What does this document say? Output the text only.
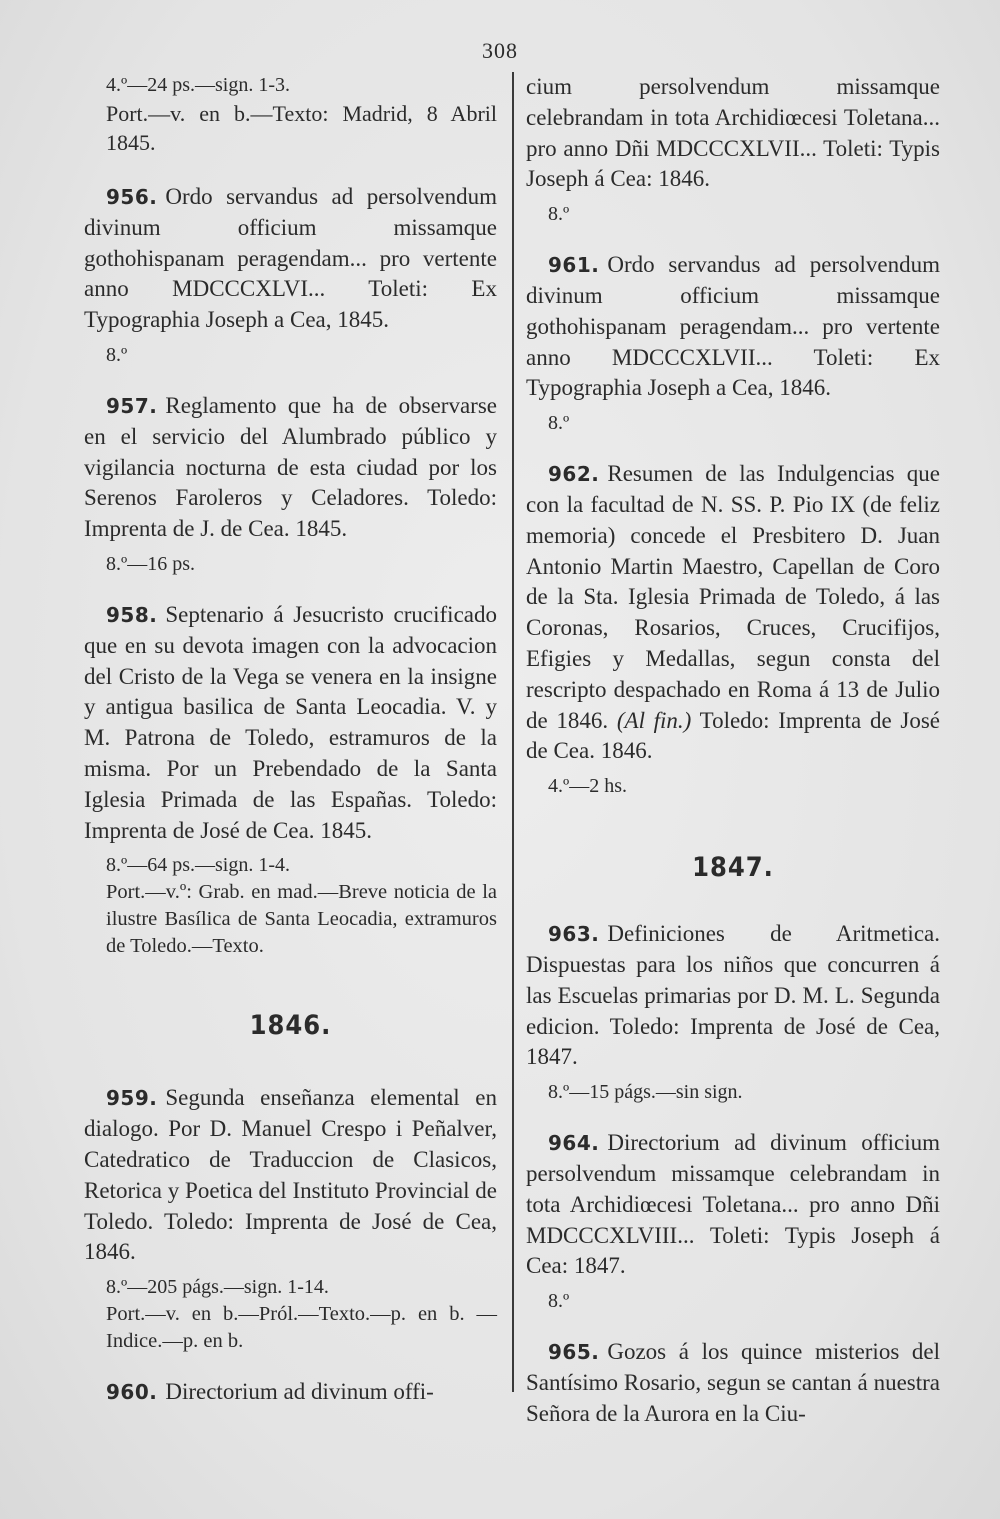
308

4.º—24 ps.—sign. 1-3.

Port.—v. en b.—Texto: Madrid, 8 Abril 1845.

956. Ordo servandus ad persolvendum divinum officium missamque gothohispanam peragendam... pro vertente anno MDCCCXLVI... Toleti: Ex Typographia Joseph a Cea, 1845.

8.º

957. Reglamento que ha de observarse en el servicio del Alumbrado público y vigilancia nocturna de esta ciudad por los Serenos Faroleros y Celadores. Toledo: Imprenta de J. de Cea. 1845.

8.º—16 ps.

958. Septenario á Jesucristo crucificado que en su devota imagen con la advocacion del Cristo de la Vega se venera en la insigne y antigua basilica de Santa Leocadia. V. y M. Patrona de Toledo, estramuros de la misma. Por un Prebendado de la Santa Iglesia Primada de las Españas. Toledo: Imprenta de José de Cea. 1845.

8.º—64 ps.—sign. 1-4.

Port.—v.º: Grab. en mad.—Breve noticia de la ilustre Basílica de Santa Leocadia, extramuros de Toledo.—Texto.

1846.

959. Segunda enseñanza elemental en dialogo. Por D. Manuel Crespo i Peñalver, Catedratico de Traduccion de Clasicos, Retorica y Poetica del Instituto Provincial de Toledo. Toledo: Imprenta de José de Cea, 1846.

8.º—205 págs.—sign. 1-14.

Port.—v. en b.—Pról.—Texto.—p. en b. —Indice.—p. en b.

960. Directorium ad divinum offi-

cium persolvendum missamque celebrandam in tota Archidiœcesi Toletana... pro anno Dñi MDCCCXLVII... Toleti: Typis Joseph á Cea: 1846.

8.º

961. Ordo servandus ad persolvendum divinum officium missamque gothohispanam peragendam... pro vertente anno MDCCCXLVII... Toleti: Ex Typographia Joseph a Cea, 1846.

8.º

962. Resumen de las Indulgencias que con la facultad de N. SS. P. Pio IX (de feliz memoria) concede el Presbitero D. Juan Antonio Martin Maestro, Capellan de Coro de la Sta. Iglesia Primada de Toledo, á las Coronas, Rosarios, Cruces, Crucifijos, Efigies y Medallas, segun consta del rescripto despachado en Roma á 13 de Julio de 1846. (Al fin.) Toledo: Imprenta de José de Cea. 1846.

4.º—2 hs.

1847.

963. Definiciones de Aritmetica. Dispuestas para los niños que concurren á las Escuelas primarias por D. M. L. Segunda edicion. Toledo: Imprenta de José de Cea, 1847.

8.º—15 págs.—sin sign.

964. Directorium ad divinum officium persolvendum missamque celebrandam in tota Archidiœcesi Toletana... pro anno Dñi MDCCCXLVIII... Toleti: Typis Joseph á Cea: 1847.

8.º

965. Gozos á los quince misterios del Santísimo Rosario, segun se cantan á nuestra Señora de la Aurora en la Ciu-
